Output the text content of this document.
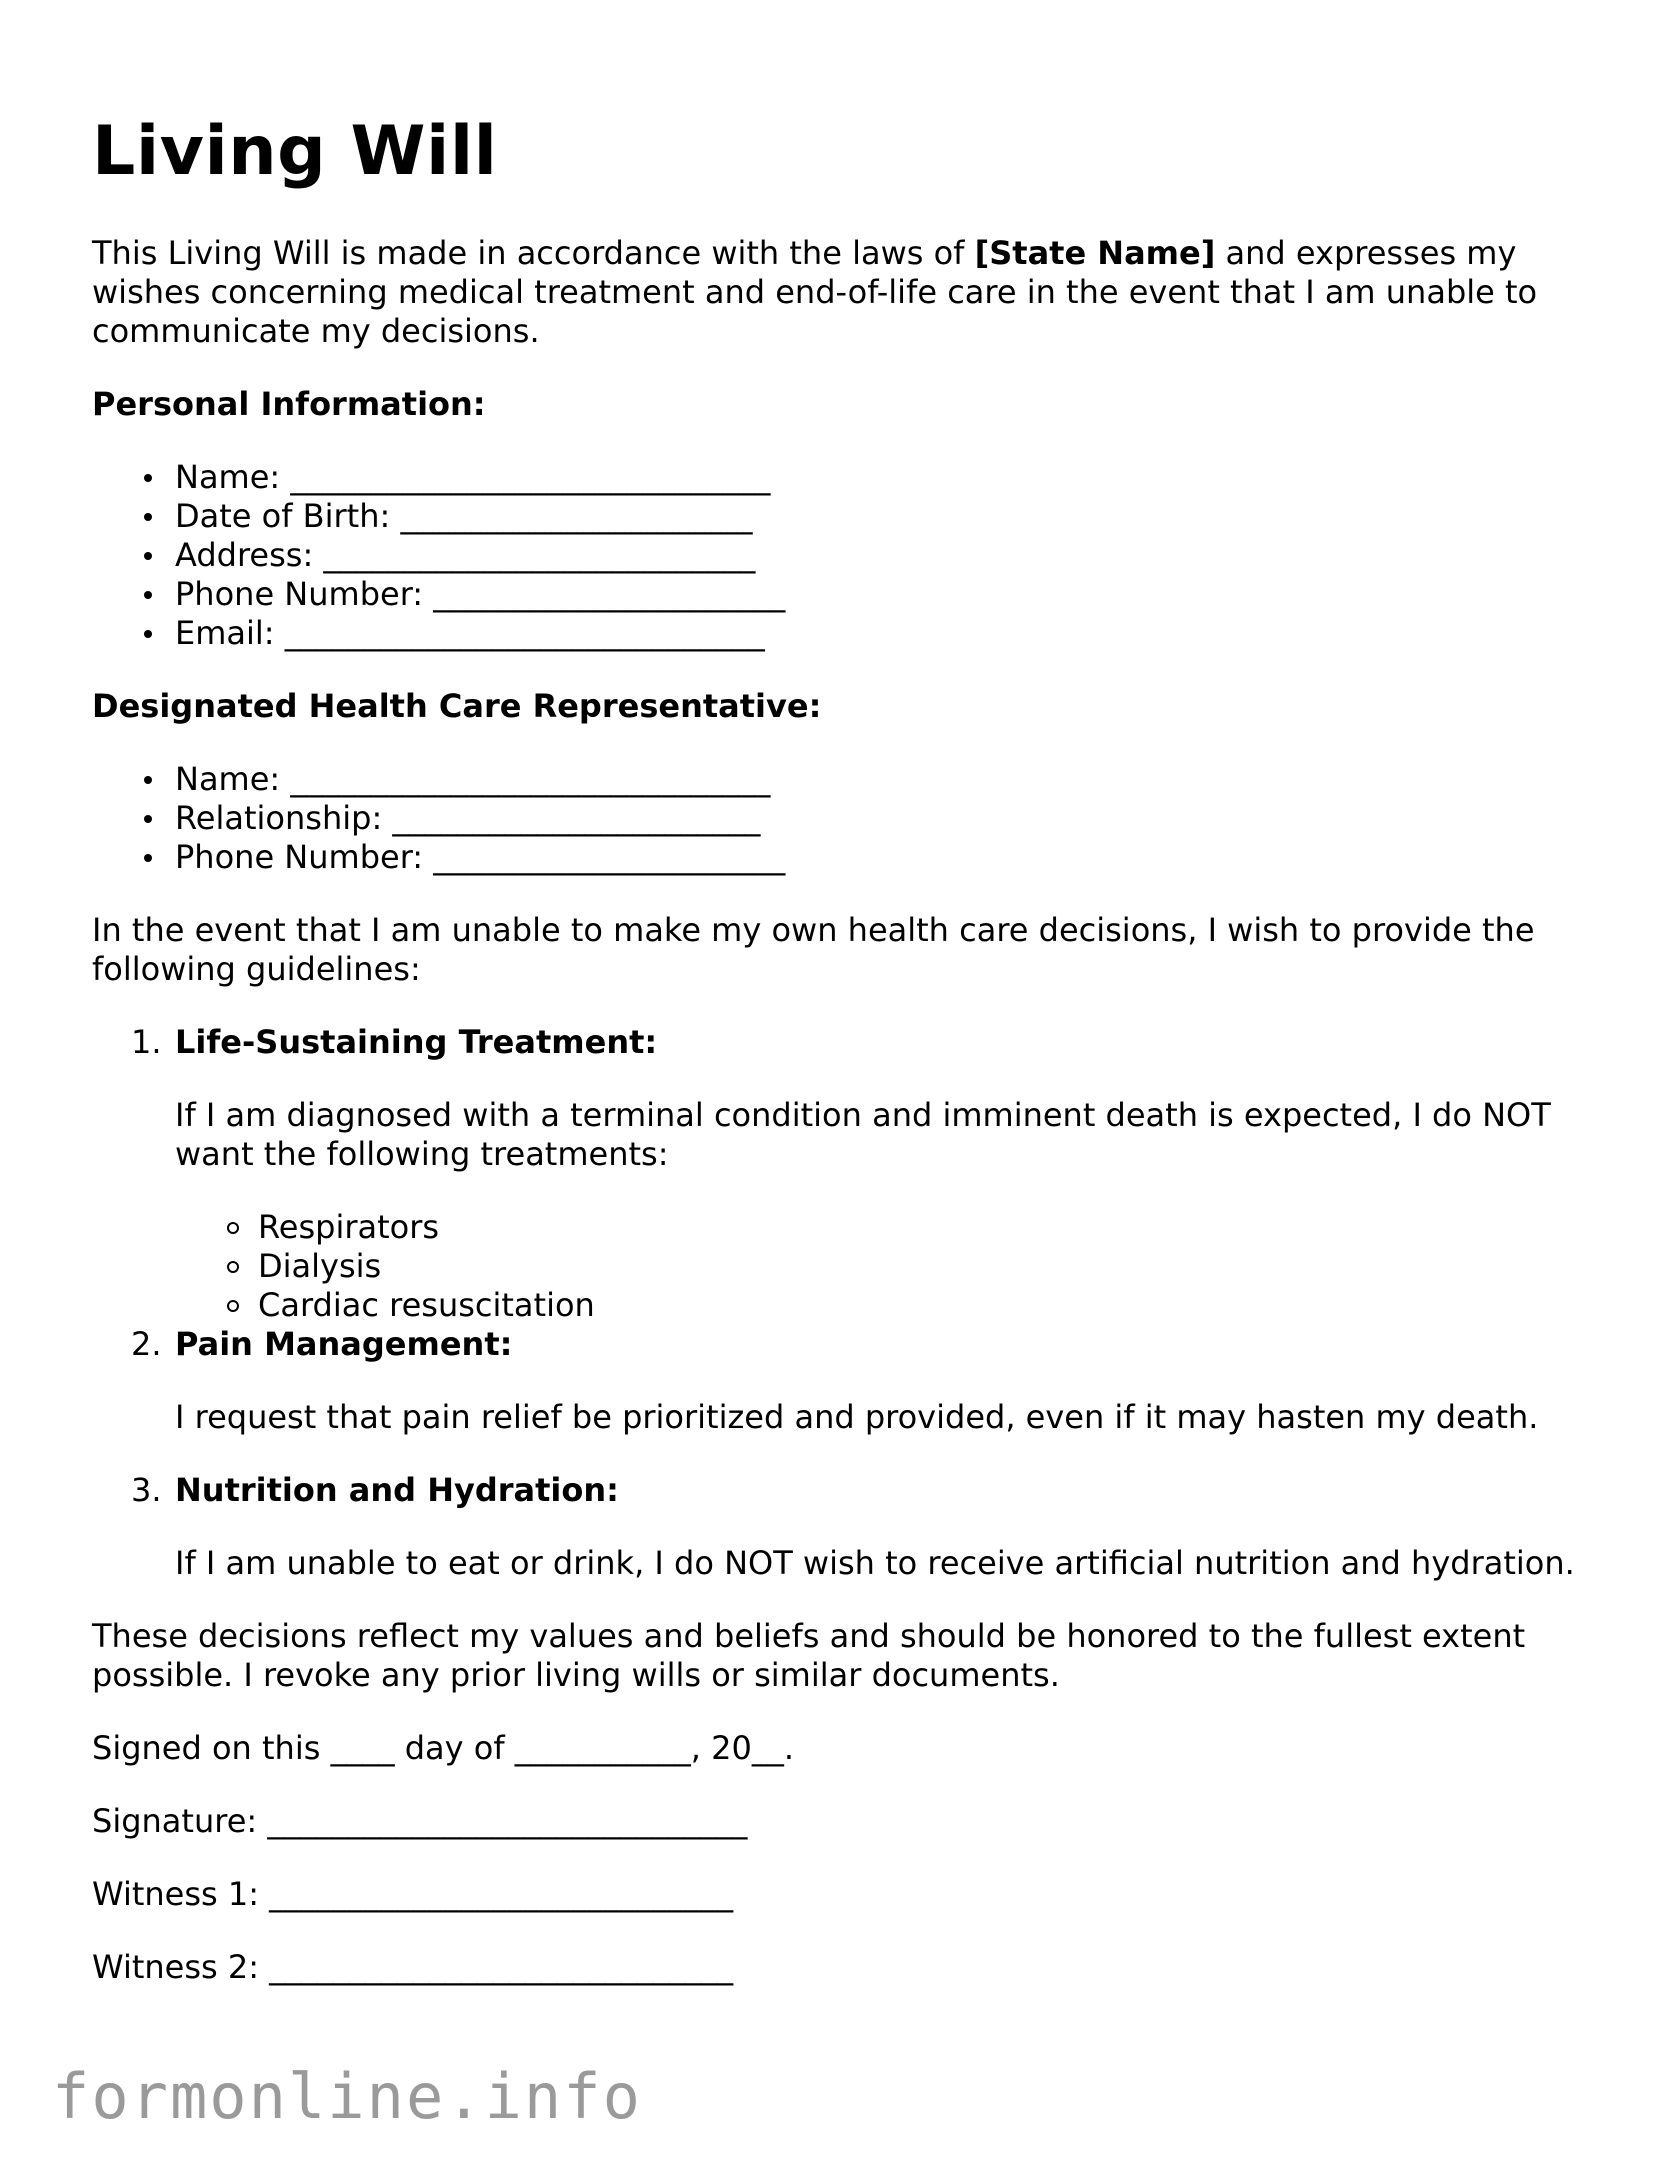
Living Will

This Living Will is made in accordance with the laws of [State Name] and expresses my wishes concerning medical treatment and end-of-life care in the event that I am unable to communicate my decisions.

Personal Information:

Name: ______________________________
Date of Birth: ______________________
Address: ___________________________
Phone Number: ______________________
Email: ______________________________

Designated Health Care Representative:

Name: ______________________________
Relationship: _______________________
Phone Number: ______________________

In the event that I am unable to make my own health care decisions, I wish to provide the following guidelines:

1. Life-Sustaining Treatment:
If I am diagnosed with a terminal condition and imminent death is expected, I do NOT want the following treatments:
Respirators
Dialysis
Cardiac resuscitation
2. Pain Management:
I request that pain relief be prioritized and provided, even if it may hasten my death.
3. Nutrition and Hydration:
If I am unable to eat or drink, I do NOT wish to receive artificial nutrition and hydration.

These decisions reflect my values and beliefs and should be honored to the fullest extent possible. I revoke any prior living wills or similar documents.

Signed on this ____ day of ___________, 20__.

Signature: ______________________________

Witness 1: _____________________________

Witness 2: _____________________________

formonline.info
